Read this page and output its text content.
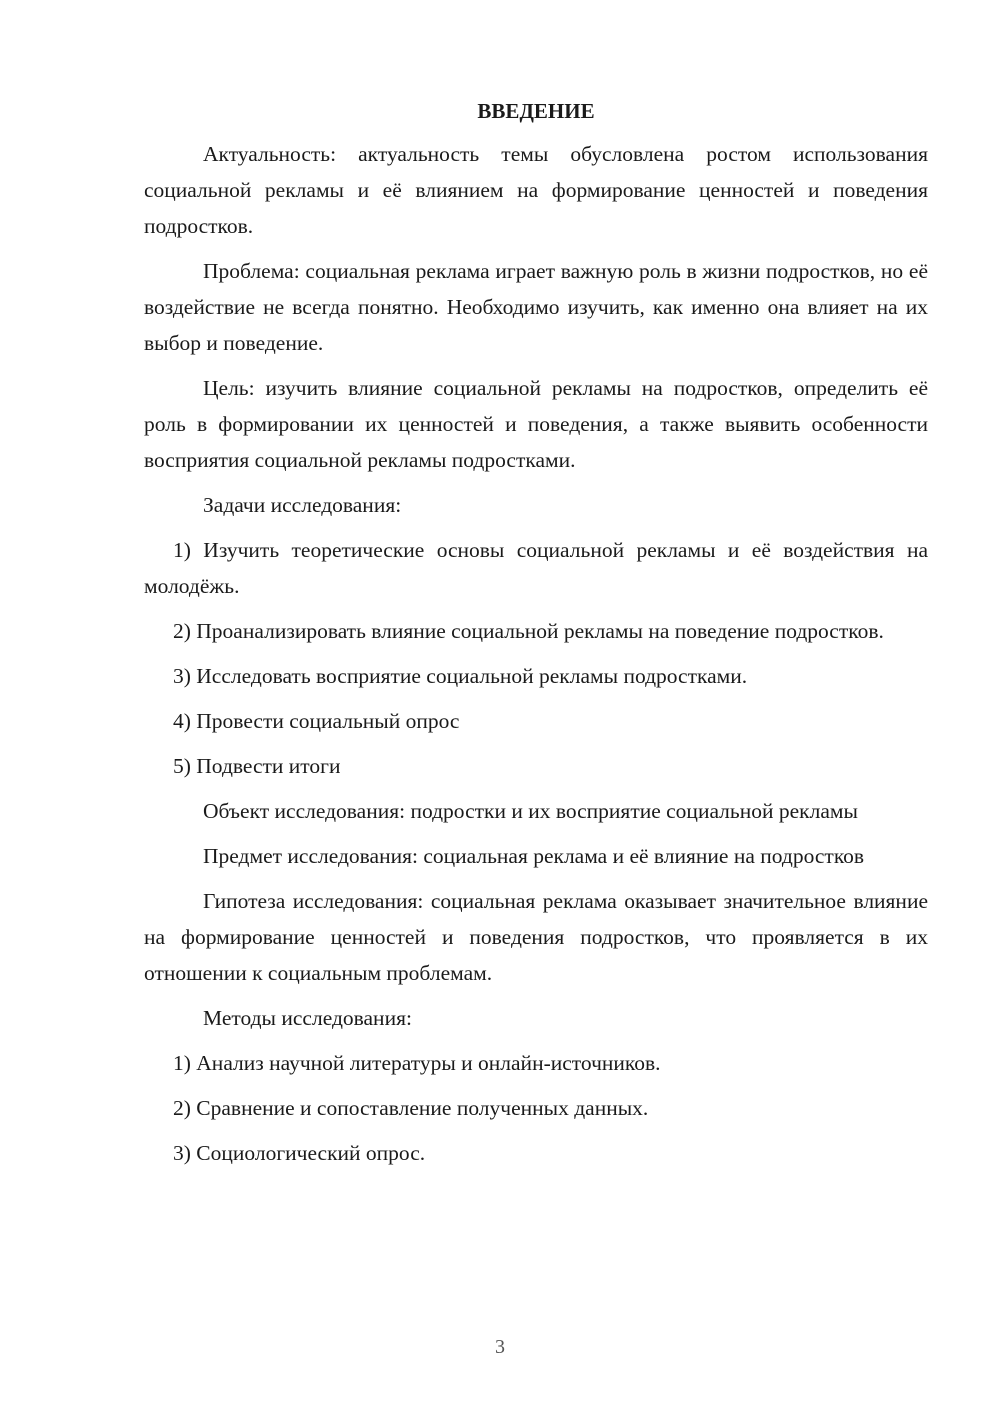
ВВЕДЕНИЕ

Актуальность: актуальность темы обусловлена ростом использования социальной рекламы и её влиянием на формирование ценностей и поведения подростков.

Проблема: социальная реклама играет важную роль в жизни подростков, но её воздействие не всегда понятно. Необходимо изучить, как именно она влияет на их выбор и поведение.

Цель: изучить влияние социальной рекламы на подростков, определить её роль в формировании их ценностей и поведения, а также выявить особенности восприятия социальной рекламы подростками.

Задачи исследования:

1) Изучить теоретические основы социальной рекламы и её воздействия на молодёжь.

2) Проанализировать влияние социальной рекламы на поведение подростков.

3) Исследовать восприятие социальной рекламы подростками.

4) Провести социальный опрос

5) Подвести итоги

Объект исследования: подростки и их восприятие социальной рекламы

Предмет исследования: социальная реклама и её влияние на подростков

Гипотеза исследования: социальная реклама оказывает значительное влияние на формирование ценностей и поведения подростков, что проявляется в их отношении к социальным проблемам.

Методы исследования:

1) Анализ научной литературы и онлайн-источников.

2) Сравнение и сопоставление полученных данных.

3) Социологический опрос.

3
